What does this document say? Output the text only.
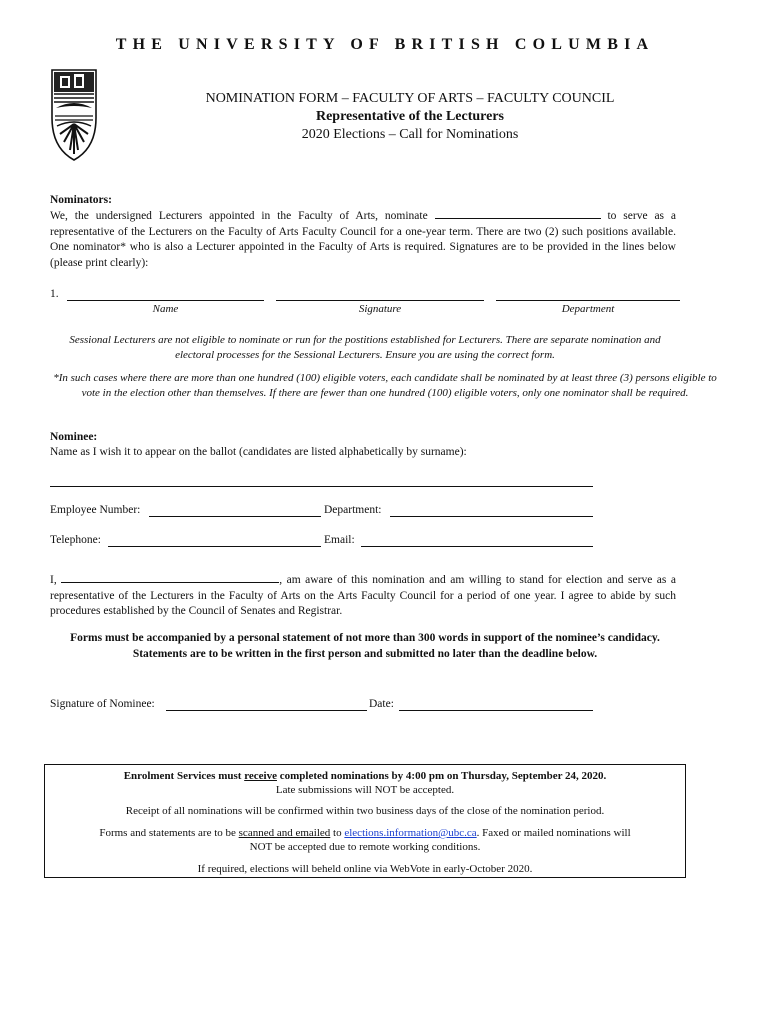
THE UNIVERSITY OF BRITISH COLUMBIA
NOMINATION FORM – FACULTY OF ARTS – FACULTY COUNCIL
Representative of the Lecturers
2020 Elections – Call for Nominations
Nominators:
We, the undersigned Lecturers appointed in the Faculty of Arts, nominate	to serve as a representative of the Lecturers on the Faculty of Arts Faculty Council for a one-year term. There are two (2) such positions available. One nominator* who is also a Lecturer appointed in the Faculty of Arts is required. Signatures are to be provided in the lines below (please print clearly):
1.
Name	Signature	Department
Sessional Lecturers are not eligible to nominate or run for the postitions established for Lecturers. There are separate nomination and electoral processes for the Sessional Lecturers. Ensure you are using the correct form.
*In such cases where there are more than one hundred (100) eligible voters, each candidate shall be nominated by at least three (3) persons eligible to vote in the election other than themselves. If there are fewer than one hundred (100) eligible voters, only one nominator shall be required.
Nominee:
Name as I wish it to appear on the ballot (candidates are listed alphabetically by surname):
Employee Number:	Department:
Telephone:	Email:
I,	, am aware of this nomination and am willing to stand for election and serve as a representative of the Lecturers in the Faculty of Arts on the Arts Faculty Council for a period of one year. I agree to abide by such procedures established by the Council of Senates and Registrar.
Forms must be accompanied by a personal statement of not more than 300 words in support of the nominee’s candidacy. Statements are to be written in the first person and submitted no later than the deadline below.
Signature of Nominee:	Date:
Enrolment Services must receive completed nominations by 4:00 pm on Thursday, September 24, 2020.
Late submissions will NOT be accepted.
Receipt of all nominations will be confirmed within two business days of the close of the nomination period.
Forms and statements are to be scanned and emailed to elections.information@ubc.ca. Faxed or mailed nominations will
NOT be accepted due to remote working conditions.
If required, elections will beheld online via WebVote in early-October 2020.
